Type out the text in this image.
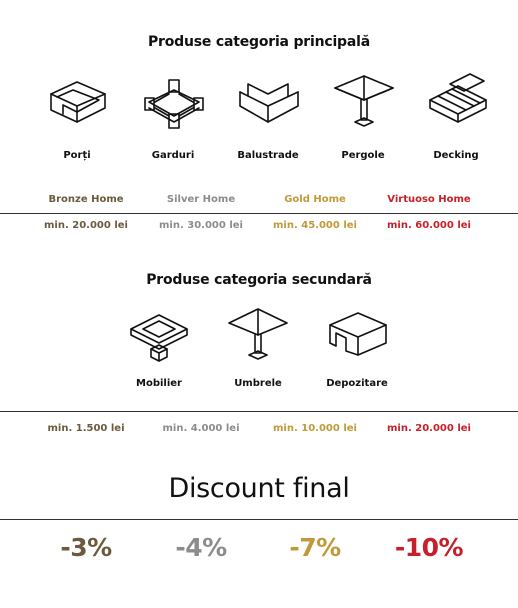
Produse categoria principală
Porți	Garduri	Balustrade	Pergole	Decking
Bronze Home	Silver Home	Gold Home	Virtuoso Home
min. 20.000 lei	min. 30.000 lei	min. 45.000 lei	min. 60.000 lei
Produse categoria secundară
Mobilier	Umbrele	Depozitare
min. 1.500 lei	min. 4.000 lei	min. 10.000 lei	min. 20.000 lei
Discount final
-3%	-4%	-7%	-10%
